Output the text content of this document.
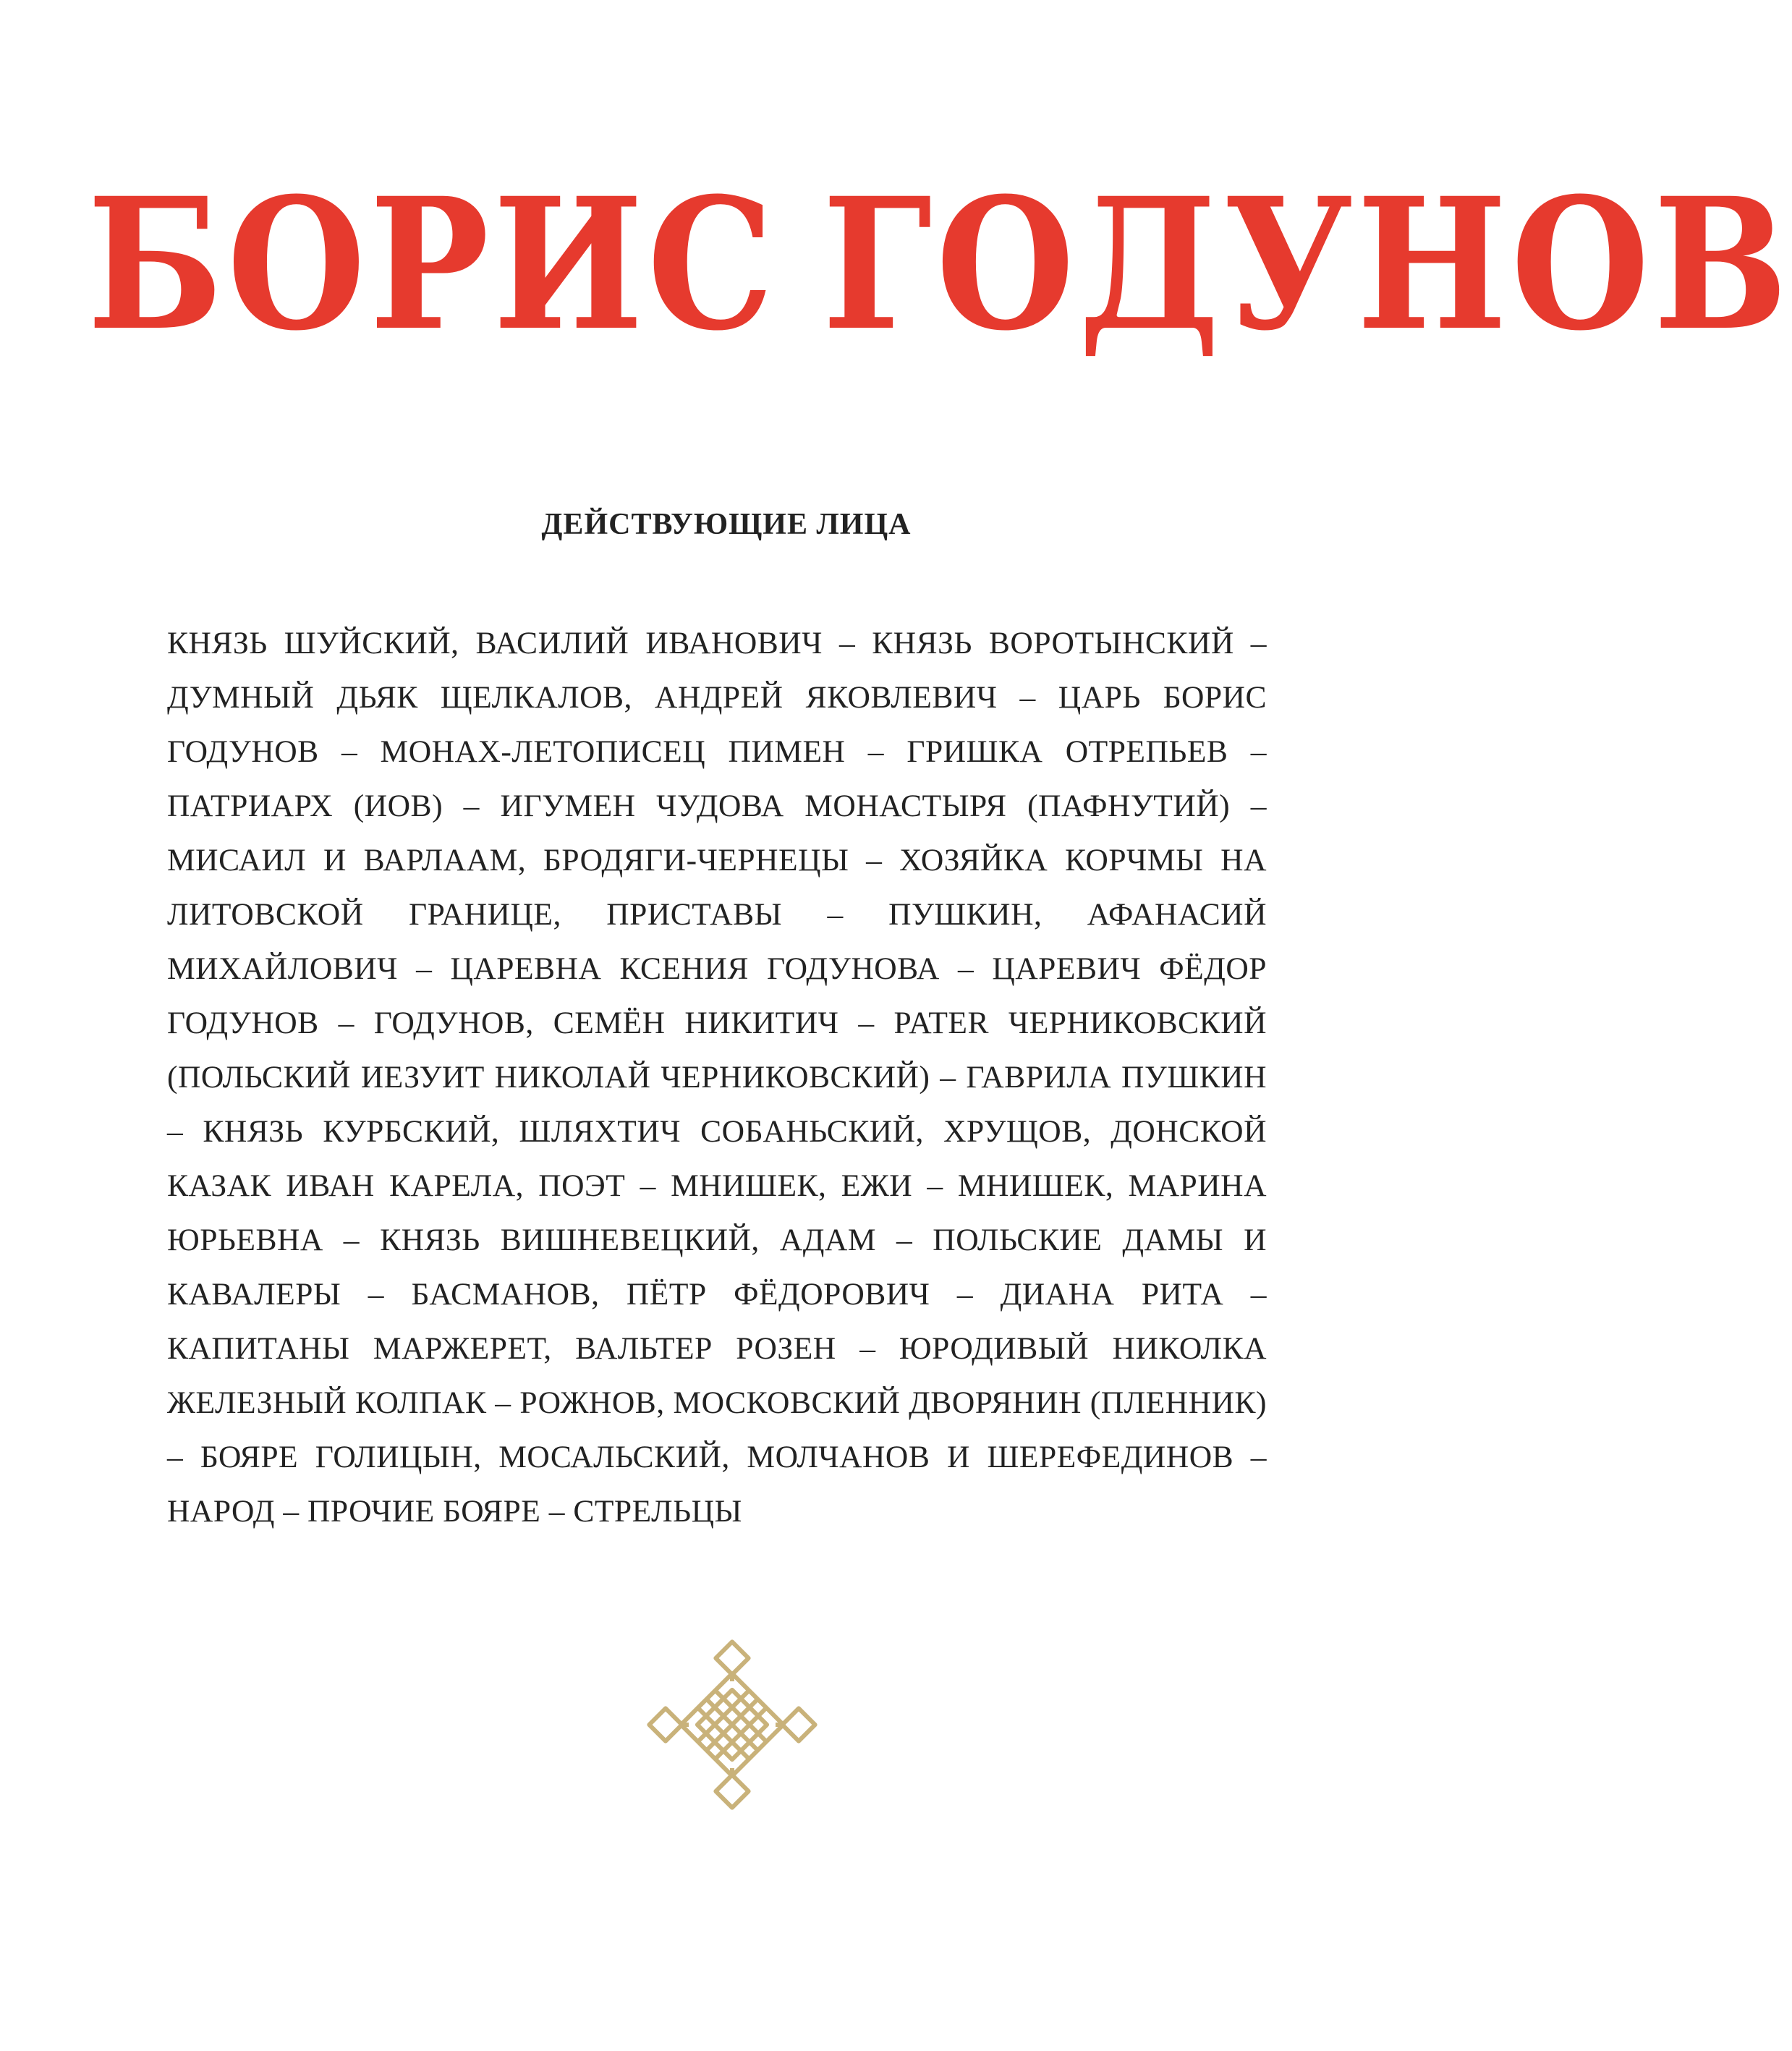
БОРИС ГОДУНОВ
ДЕЙСТВУЮЩИЕ ЛИЦА
КНЯЗЬ ШУЙСКИЙ, ВАСИЛИЙ ИВАНОВИЧ – КНЯЗЬ ВОРОТЫНСКИЙ – ДУМНЫЙ ДЬЯК ЩЕЛКАЛОВ, АНДРЕЙ ЯКОВЛЕВИЧ – ЦАРЬ БОРИС ГОДУНОВ – МОНАХ-ЛЕТОПИСЕЦ ПИМЕН – ГРИШКА ОТРЕПЬЕВ – ПАТРИАРХ (ИОВ) – ИГУМЕН ЧУДОВА МОНАСТЫРЯ (ПАФНУТИЙ) – МИСАИЛ И ВАРЛААМ, БРОДЯГИ-ЧЕРНЕЦЫ – ХОЗЯЙКА КОРЧМЫ НА ЛИТОВСКОЙ ГРАНИЦЕ, ПРИСТАВЫ – ПУШКИН, АФАНАСИЙ МИХАЙЛОВИЧ – ЦАРЕВНА КСЕНИЯ ГОДУНОВА – ЦАРЕВИЧ ФЁДОР ГОДУНОВ – ГОДУНОВ, СЕМЁН НИКИТИЧ – PATER ЧЕРНИКОВСКИЙ (ПОЛЬСКИЙ ИЕЗУИТ НИКОЛАЙ ЧЕРНИКОВСКИЙ) – ГАВРИЛА ПУШКИН – КНЯЗЬ КУРБСКИЙ, ШЛЯХТИЧ СОБАНЬСКИЙ, ХРУЩОВ, ДОНСКОЙ КАЗАК ИВАН КАРЕЛА, ПОЭТ – МНИШЕК, ЕЖИ – МНИШЕК, МАРИНА ЮРЬЕВНА – КНЯЗЬ ВИШНЕВЕЦКИЙ, АДАМ – ПОЛЬСКИЕ ДАМЫ И КАВАЛЕРЫ – БАСМАНОВ, ПЁТР ФЁДОРОВИЧ – ДИАНА РИТА – КАПИТАНЫ МАРЖЕРЕТ, ВАЛЬТЕР РОЗЕН – ЮРОДИВЫЙ НИКОЛКА ЖЕЛЕЗНЫЙ КОЛПАК – РОЖНОВ, МОСКОВСКИЙ ДВОРЯНИН (ПЛЕННИК) – БОЯРЕ ГОЛИЦЫН, МОСАЛЬСКИЙ, МОЛЧАНОВ И ШЕРЕФЕДИНОВ – НАРОД – ПРОЧИЕ БОЯРЕ – СТРЕЛЬЦЫ
